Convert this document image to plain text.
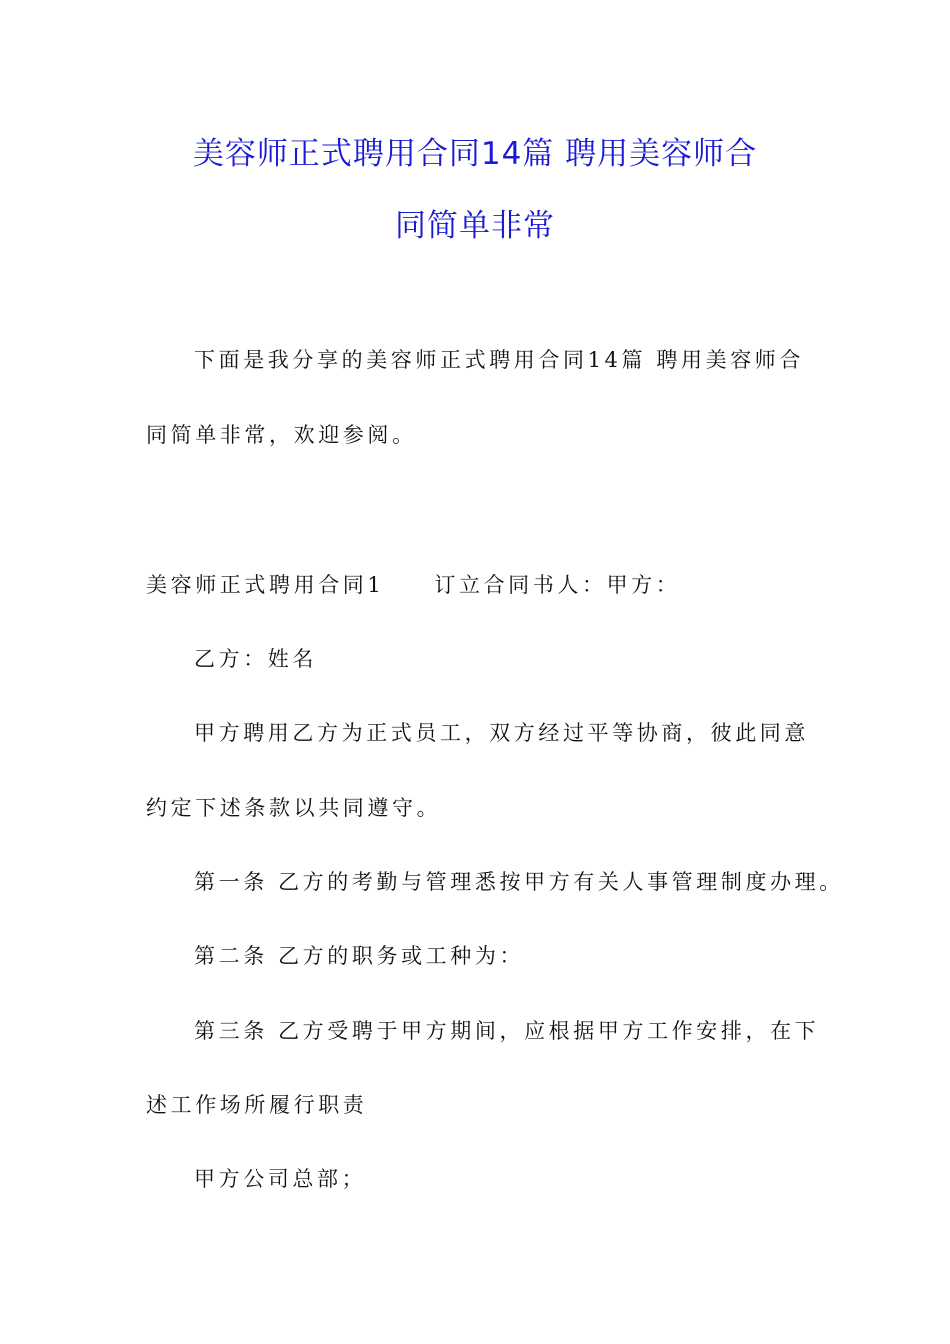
美容师正式聘用合同14篇 聘用美容师合
同简单非常
下面是我分享的美容师正式聘用合同14篇 聘用美容师合
同简单非常，欢迎参阅。
美容师正式聘用合同1 订立合同书人：甲方：
乙方：姓名
甲方聘用乙方为正式员工，双方经过平等协商，彼此同意
约定下述条款以共同遵守。
第一条 乙方的考勤与管理悉按甲方有关人事管理制度办理。
第二条 乙方的职务或工种为：
第三条 乙方受聘于甲方期间，应根据甲方工作安排，在下
述工作场所履行职责
甲方公司总部；
